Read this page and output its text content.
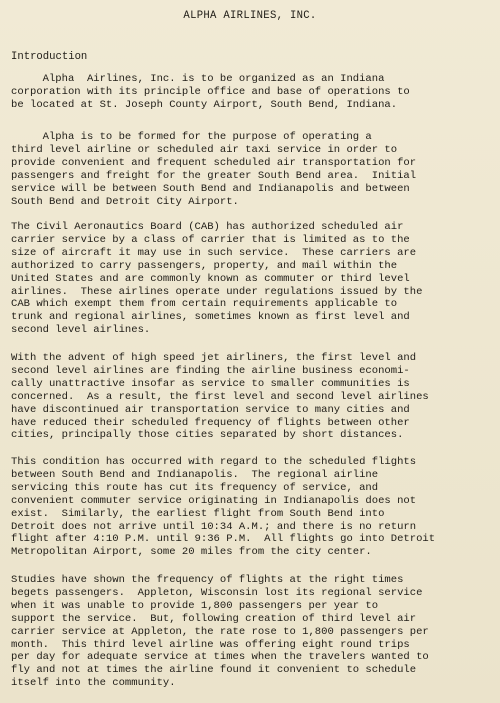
ALPHA AIRLINES, INC.
Introduction

Alpha  Airlines, Inc. is to be organized as an Indiana
corporation with its principle office and base of operations to
be located at St. Joseph County Airport, South Bend, Indiana.

Alpha is to be formed for the purpose of operating a
third level airline or scheduled air taxi service in order to
provide convenient and frequent scheduled air transportation for
passengers and freight for the greater South Bend area.  Initial
service will be between South Bend and Indianapolis and between
South Bend and Detroit City Airport.

The Civil Aeronautics Board (CAB) has authorized scheduled air
carrier service by a class of carrier that is limited as to the
size of aircraft it may use in such service.  These carriers are
authorized to carry passengers, property, and mail within the
United States and are commonly known as commuter or third level
airlines.  These airlines operate under regulations issued by the
CAB which exempt them from certain requirements applicable to
trunk and regional airlines, sometimes known as first level and
second level airlines.

With the advent of high speed jet airliners, the first level and
second level airlines are finding the airline business economi-
cally unattractive insofar as service to smaller communities is
concerned.  As a result, the first level and second level airlines
have discontinued air transportation service to many cities and
have reduced their scheduled frequency of flights between other
cities, principally those cities separated by short distances.

This condition has occurred with regard to the scheduled flights
between South Bend and Indianapolis.  The regional airline
servicing this route has cut its frequency of service, and
convenient commuter service originating in Indianapolis does not
exist.  Similarly, the earliest flight from South Bend into
Detroit does not arrive until 10:34 A.M.; and there is no return
flight after 4:10 P.M. until 9:36 P.M.  All flights go into Detroit
Metropolitan Airport, some 20 miles from the city center.

Studies have shown the frequency of flights at the right times
begets passengers.  Appleton, Wisconsin lost its regional service
when it was unable to provide 1,800 passengers per year to
support the service.  But, following creation of third level air
carrier service at Appleton, the rate rose to 1,800 passengers per
month.  This third level airline was offering eight round trips
per day for adequate service at times when the travelers wanted to
fly and not at times the airline found it convenient to schedule
itself into the community.
